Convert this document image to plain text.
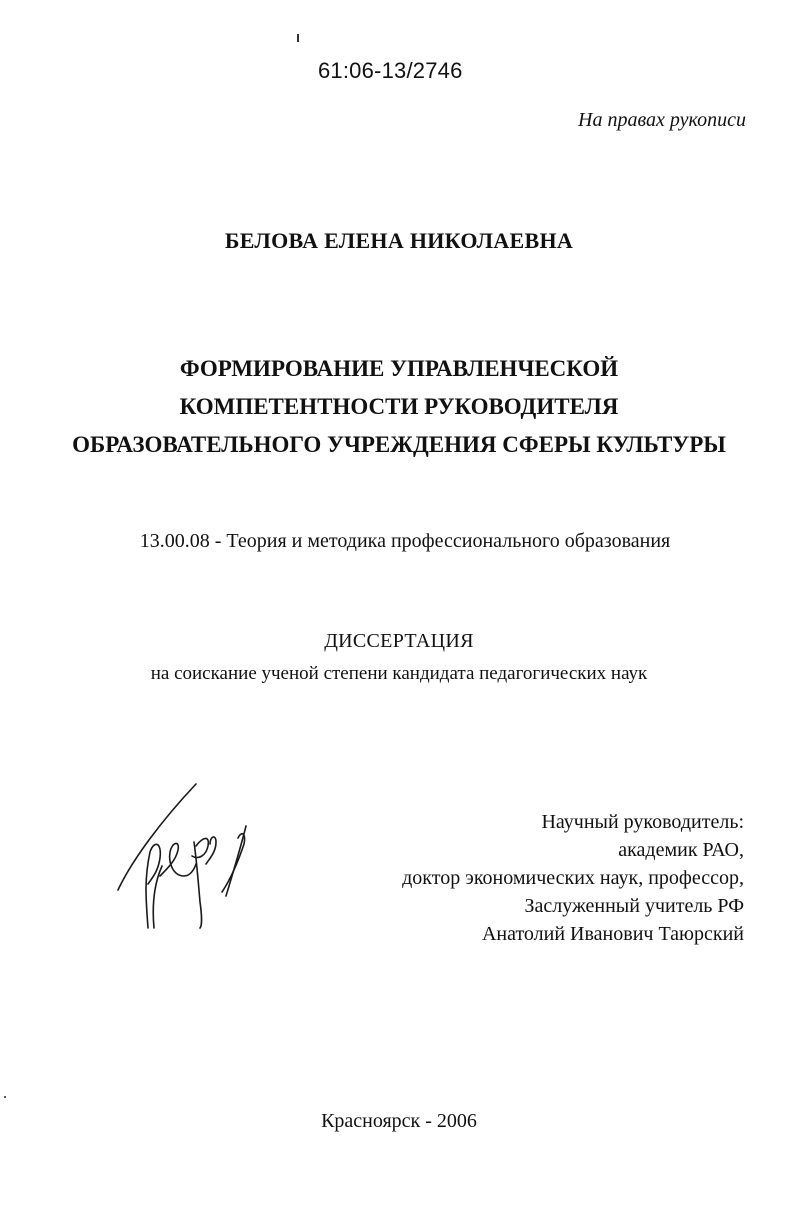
61:06-13/2746
На правах рукописи
БЕЛОВА ЕЛЕНА НИКОЛАЕВНА
ФОРМИРОВАНИЕ УПРАВЛЕНЧЕСКОЙ
КОМПЕТЕНТНОСТИ РУКОВОДИТЕЛЯ
ОБРАЗОВАТЕЛЬНОГО УЧРЕЖДЕНИЯ СФЕРЫ КУЛЬТУРЫ
13.00.08 - Теория и методика профессионального образования
ДИССЕРТАЦИЯ
на соискание ученой степени кандидата педагогических наук
Научный руководитель:
академик РАО,
доктор экономических наук, профессор,
Заслуженный учитель РФ
Анатолий Иванович Таюрский
Красноярск - 2006
